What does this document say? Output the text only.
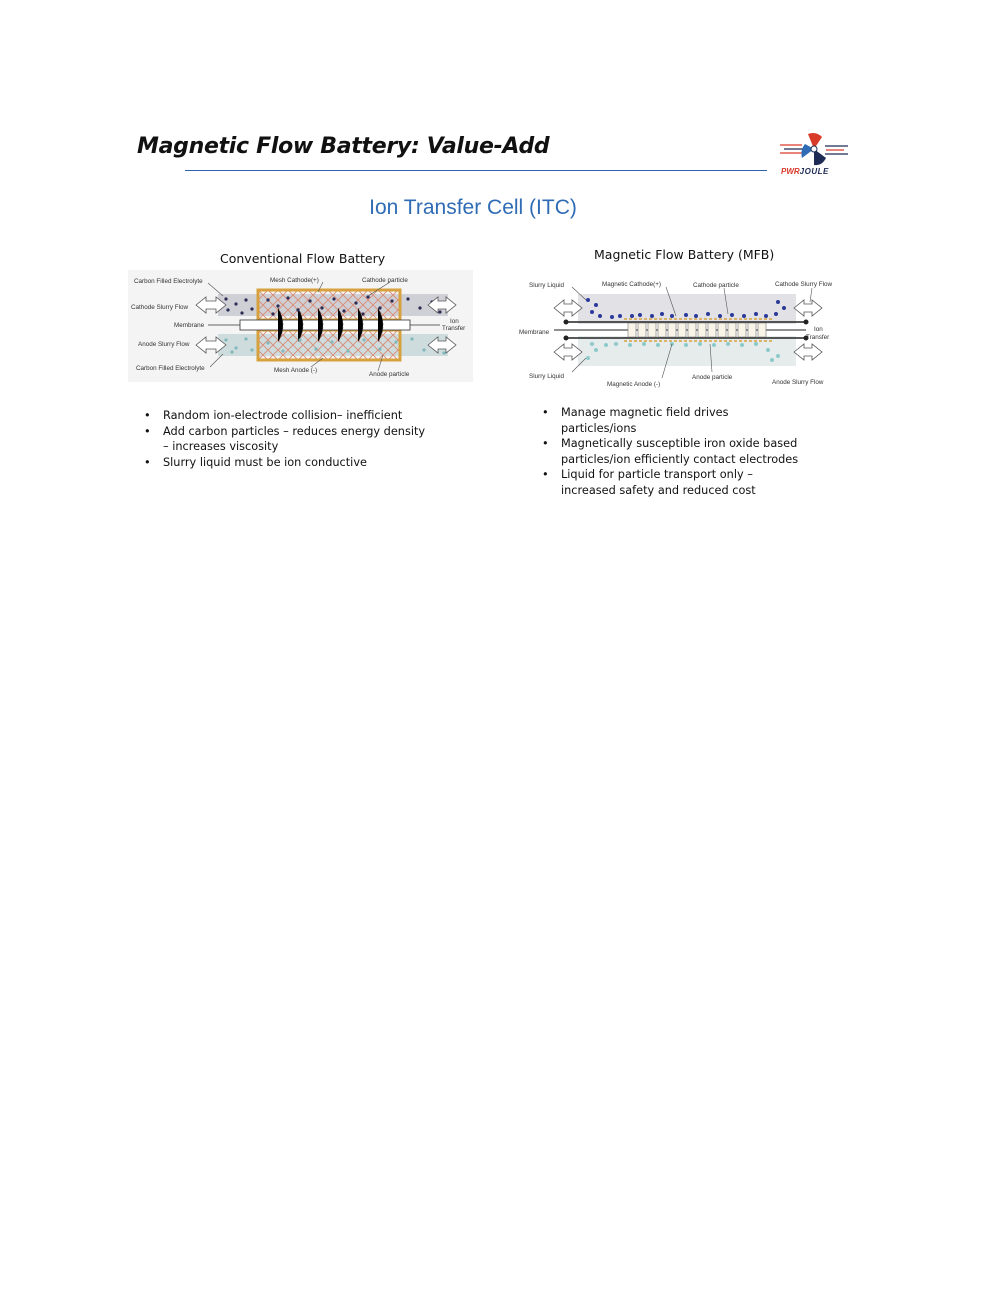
Magnetic Flow Battery: Value-Add
PWRJOULE
Ion Transfer Cell (ITC)
Conventional Flow Battery	Magnetic Flow Battery (MFB)
Carbon Filled Electrolyte	Mesh Cathode(+)	Cathode particle
Cathode Slurry Flow
Membrane
Ion
Transfer
Anode Slurry Flow
Carbon Filled Electrolyte	Mesh Anode (-)
Anode particle
Slurry Liquid	Magnetic Cathode(+)	Cathode particle	Cathode Slurry Flow
Membrane	Ion
Transfer
Slurry Liquid
Magnetic Anode (-)
Anode particle
Anode Slurry Flow
• Random ion-electrode collision– inefficient
• Add carbon particles – reduces energy density – increases viscosity
• Slurry liquid must be ion conductive
• Manage magnetic field drives particles/ions
• Magnetically susceptible iron oxide based particles/ion efficiently contact electrodes
• Liquid for particle transport only – increased safety and reduced cost
